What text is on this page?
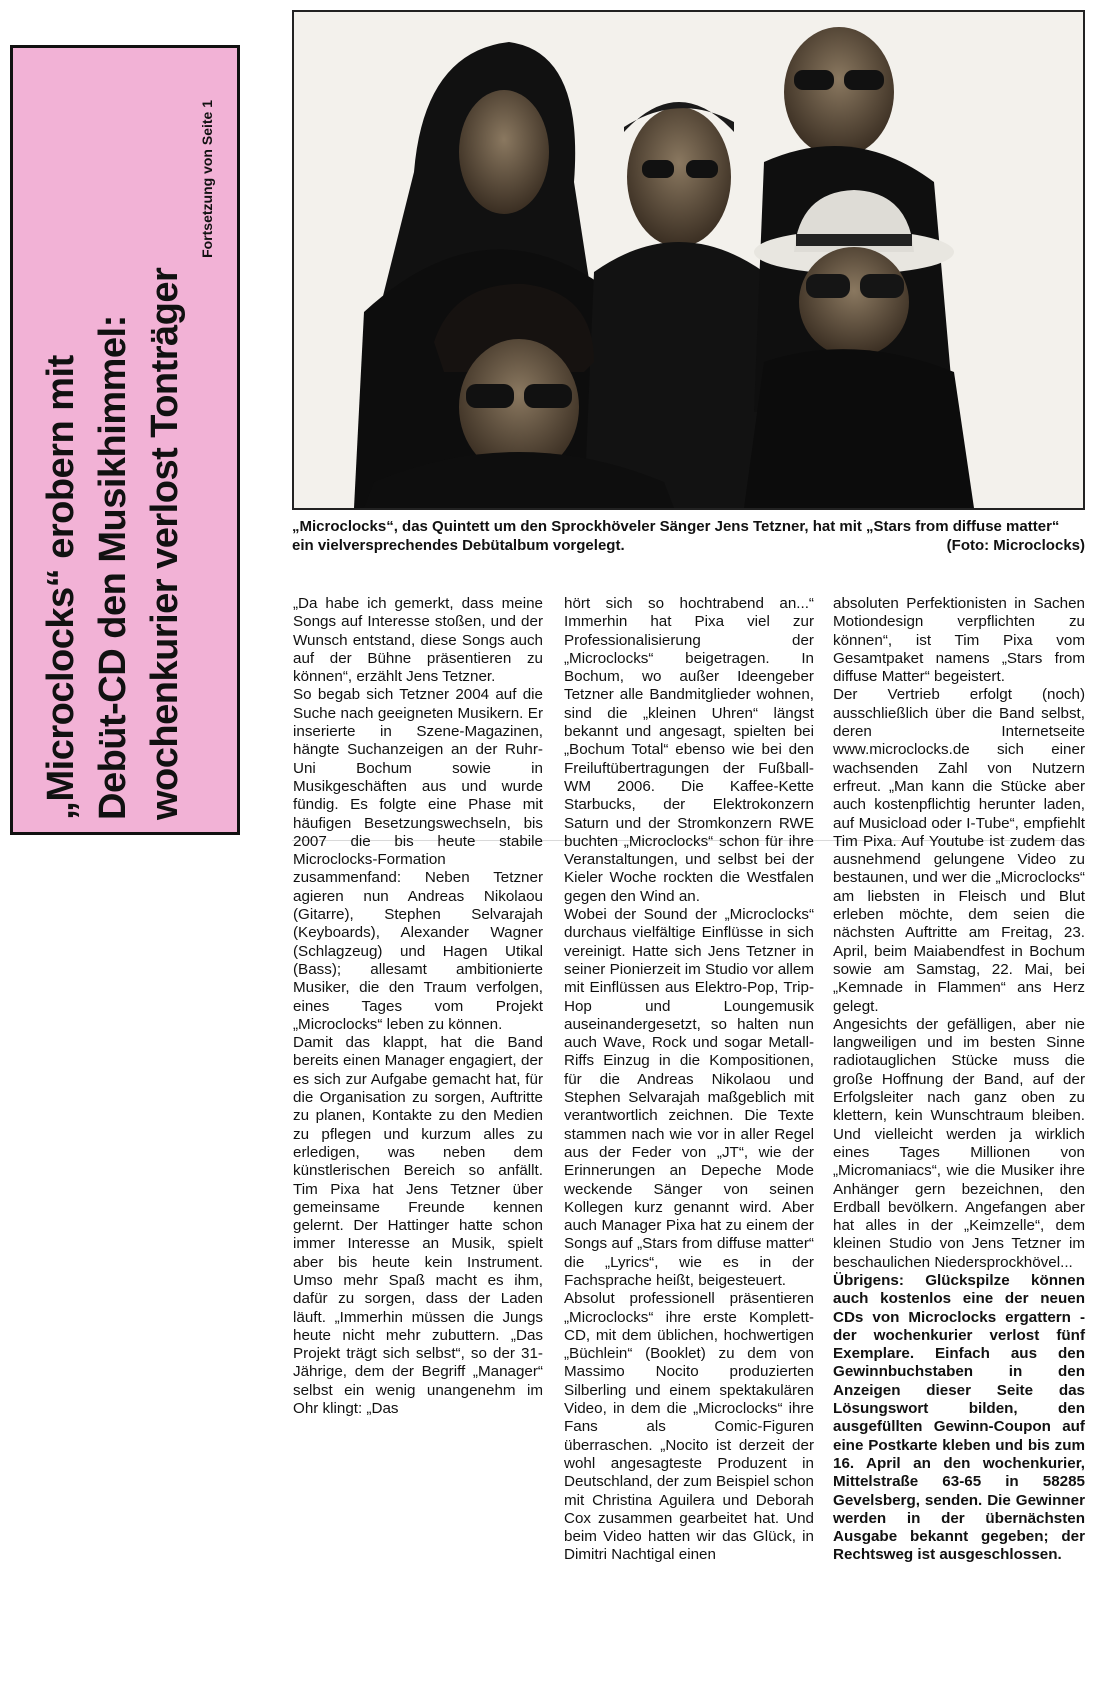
„Microclocks“ erobern mit Debüt-CD den Musikhimmel: wochenkurier verlost Tonträger
Fortsetzung von Seite 1
„Microclocks“, das Quintett um den Sprockhöveler Sänger Jens Tetzner, hat mit „Stars from diffuse matter“ ein vielversprechendes Debütalbum vorgelegt.	(Foto: Microclocks)

„Da habe ich gemerkt, dass meine Songs auf Interesse stoßen, und der Wunsch entstand, diese Songs auch auf der Bühne präsentieren zu können“, erzählt Jens Tetzner.

So begab sich Tetzner 2004 auf die Suche nach geeigneten Musikern. Er inserierte in Szene-Magazinen, hängte Suchanzeigen an der Ruhr-Uni Bochum sowie in Musikgeschäften aus und wurde fündig. Es folgte eine Phase mit häufigen Besetzungswechseln, bis 2007 die bis heute stabile Microclocks-Formation zusammenfand: Neben Tetzner agieren nun Andreas Nikolaou (Gitarre), Stephen Selvarajah (Keyboards), Alexander Wagner (Schlagzeug) und Hagen Utikal (Bass); allesamt ambitionierte Musiker, die den Traum verfolgen, eines Tages vom Projekt „Microclocks“ leben zu können.

Damit das klappt, hat die Band bereits einen Manager engagiert, der es sich zur Aufgabe gemacht hat, für die Organisation zu sorgen, Auftritte zu planen, Kontakte zu den Medien zu pflegen und kurzum alles zu erledigen, was neben dem künstlerischen Bereich so anfällt. Tim Pixa hat Jens Tetzner über gemeinsame Freunde kennen gelernt. Der Hattinger hatte schon immer Interesse an Musik, spielt aber bis heute kein Instrument. Umso mehr Spaß macht es ihm, dafür zu sorgen, dass der Laden läuft. „Immerhin müssen die Jungs heute nicht mehr zubuttern. „Das Projekt trägt sich selbst“, so der 31-Jährige, dem der Begriff „Manager“ selbst ein wenig unangenehm im Ohr klingt: „Das

hört sich so hochtrabend an...“ Immerhin hat Pixa viel zur Professionalisierung der „Microclocks“ beigetragen. In Bochum, wo außer Ideengeber Tetzner alle Bandmitglieder wohnen, sind die „kleinen Uhren“ längst bekannt und angesagt, spielten bei „Bochum Total“ ebenso wie bei den Freiluftübertragungen der Fußball-WM 2006. Die Kaffee-Kette Starbucks, der Elektrokonzern Saturn und der Stromkonzern RWE buchten „Microclocks“ schon für ihre Veranstaltungen, und selbst bei der Kieler Woche rockten die Westfalen gegen den Wind an.

Wobei der Sound der „Microclocks“ durchaus vielfältige Einflüsse in sich vereinigt. Hatte sich Jens Tetzner in seiner Pionierzeit im Studio vor allem mit Einflüssen aus Elektro-Pop, Trip-Hop und Loungemusik auseinandergesetzt, so halten nun auch Wave, Rock und sogar Metall-Riffs Einzug in die Kompositionen, für die Andreas Nikolaou und Stephen Selvarajah maßgeblich mit verantwortlich zeichnen. Die Texte stammen nach wie vor in aller Regel aus der Feder von „JT“, wie der Erinnerungen an Depeche Mode weckende Sänger von seinen Kollegen kurz genannt wird. Aber auch Manager Pixa hat zu einem der Songs auf „Stars from diffuse matter“ die „Lyrics“, wie es in der Fachsprache heißt, beigesteuert.

Absolut professionell präsentieren „Microclocks“ ihre erste Komplett-CD, mit dem üblichen, hochwertigen „Büchlein“ (Booklet) zu dem von Massimo Nocito produzierten Silberling und einem spektakulären Video, in dem die „Microclocks“ ihre Fans als Comic-Figuren überraschen. „Nocito ist derzeit der wohl angesagteste Produzent in Deutschland, der zum Beispiel schon mit Christina Aguilera und Deborah Cox zusammen gearbeitet hat. Und beim Video hatten wir das Glück, in Dimitri Nachtigal einen

absoluten Perfektionisten in Sachen Motiondesign verpflichten zu können“, ist Tim Pixa vom Gesamtpaket namens „Stars from diffuse Matter“ begeistert.

Der Vertrieb erfolgt (noch) ausschließlich über die Band selbst, deren Internetseite www.microclocks.de sich einer wachsenden Zahl von Nutzern erfreut. „Man kann die Stücke aber auch kostenpflichtig herunter laden, auf Musicload oder I-Tube“, empfiehlt Tim Pixa. Auf Youtube ist zudem das ausnehmend gelungene Video zu bestaunen, und wer die „Microclocks“ am liebsten in Fleisch und Blut erleben möchte, dem seien die nächsten Auftritte am Freitag, 23. April, beim Maiabendfest in Bochum sowie am Samstag, 22. Mai, bei „Kemnade in Flammen“ ans Herz gelegt.

Angesichts der gefälligen, aber nie langweiligen und im besten Sinne radiotauglichen Stücke muss die große Hoffnung der Band, auf der Erfolgsleiter nach ganz oben zu klettern, kein Wunschtraum bleiben. Und vielleicht werden ja wirklich eines Tages Millionen von „Micromaniacs“, wie die Musiker ihre Anhänger gern bezeichnen, den Erdball bevölkern. Angefangen aber hat alles in der „Keimzelle“, dem kleinen Studio von Jens Tetzner im beschaulichen Niedersprockhövel...

Übrigens: Glückspilze können auch kostenlos eine der neuen CDs von Microclocks ergattern - der wochenkurier verlost fünf Exemplare. Einfach aus den Gewinnbuchstaben in den Anzeigen dieser Seite das Lösungswort bilden, den ausgefüllten Gewinn-Coupon auf eine Postkarte kleben und bis zum 16. April an den wochenkurier, Mittelstraße 63-65 in 58285 Gevelsberg, senden. Die Gewinner werden in der übernächsten Ausgabe bekannt gegeben; der Rechtsweg ist ausgeschlossen.
